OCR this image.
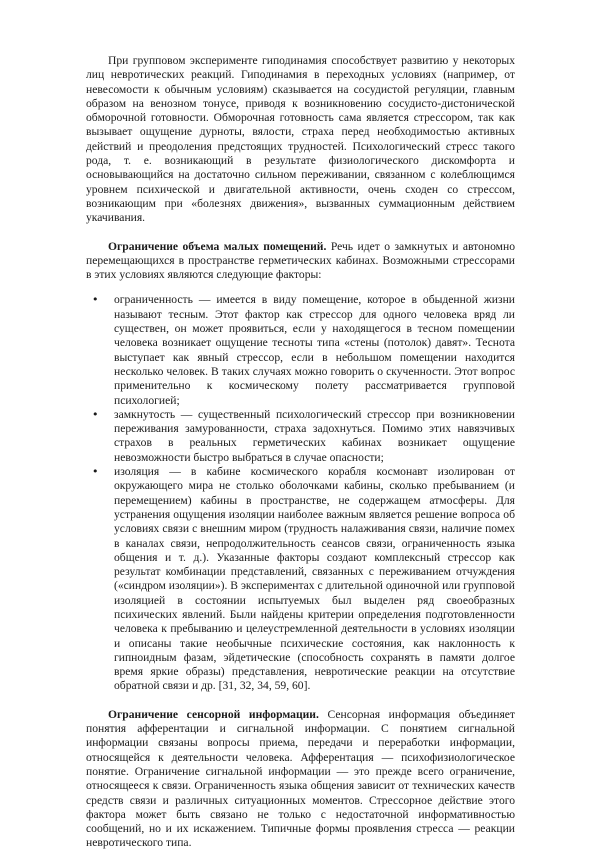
При групповом эксперименте гиподинамия способствует развитию у некоторых лиц невротических реакций. Гиподинамия в переходных условиях (например, от невесомости к обычным условиям) сказывается на сосудистой регуляции, главным образом на венозном тонусе, приводя к возникновению сосудисто-дистонической обморочной готовности. Обморочная готовность сама является стрессором, так как вызывает ощущение дурноты, вялости, страха перед необходимостью активных действий и преодоления предстоящих трудностей. Психологический стресс такого рода, т. е. возникающий в результате физиологического дискомфорта и основывающийся на достаточно сильном переживании, связанном с колеблющимся уровнем психической и двигательной активности, очень сходен со стрессом, возникающим при «болезнях движения», вызванных суммационным действием укачивания.

Ограничение объема малых помещений. Речь идет о замкнутых и автономно перемещающихся в пространстве герметических кабинах. Возможными стрессорами в этих условиях являются следующие факторы:

• ограниченность — имеется в виду помещение, которое в обыденной жизни называют тесным. Этот фактор как стрессор для одного человека вряд ли существен, он может проявиться, если у находящегося в тесном помещении человека возникает ощущение тесноты типа «стены (потолок) давят». Теснота выступает как явный стрессор, если в небольшом помещении находится несколько человек. В таких случаях можно говорить о скученности. Этот вопрос применительно к космическому полету рассматривается групповой психологией;
• замкнутость — существенный психологический стрессор при возникновении переживания замурованности, страха задохнуться. Помимо этих навязчивых страхов в реальных герметических кабинах возникает ощущение невозможности быстро выбраться в случае опасности;
• изоляция — в кабине космического корабля космонавт изолирован от окружающего мира не столько оболочками кабины, сколько пребыванием (и перемещением) кабины в пространстве, не содержащем атмосферы. Для устранения ощущения изоляции наиболее важным является решение вопроса об условиях связи с внешним миром (трудность налаживания связи, наличие помех в каналах связи, непродолжительность сеансов связи, ограниченность языка общения и т. д.). Указанные факторы создают комплексный стрессор как результат комбинации представлений, связанных с переживанием отчуждения («синдром изоляции»). В экспериментах с длительной одиночной или групповой изоляцией в состоянии испытуемых был выделен ряд своеобразных психических явлений. Были найдены критерии определения подготовленности человека к пребыванию и целеустремленной деятельности в условиях изоляции и описаны такие необычные психические состояния, как наклонность к гипноидным фазам, эйдетические (способность сохранять в памяти долгое время яркие образы) представления, невротические реакции на отсутствие обратной связи и др. [31, 32, 34, 59, 60].

Ограничение сенсорной информации. Сенсорная информация объединяет понятия афферентации и сигнальной информации. С понятием сигнальной информации связаны вопросы приема, передачи и переработки информации, относящейся к деятельности человека. Афферентация — психофизиологическое понятие. Ограничение сигнальной информации — это прежде всего ограничение, относящееся к связи. Ограниченность языка общения зависит от технических качеств средств связи и различных ситуационных моментов. Стрессорное действие этого фактора может быть связано не только с недостаточной информативностью сообщений, но и их искажением. Типичные формы проявления стресса — реакции невротического типа.
